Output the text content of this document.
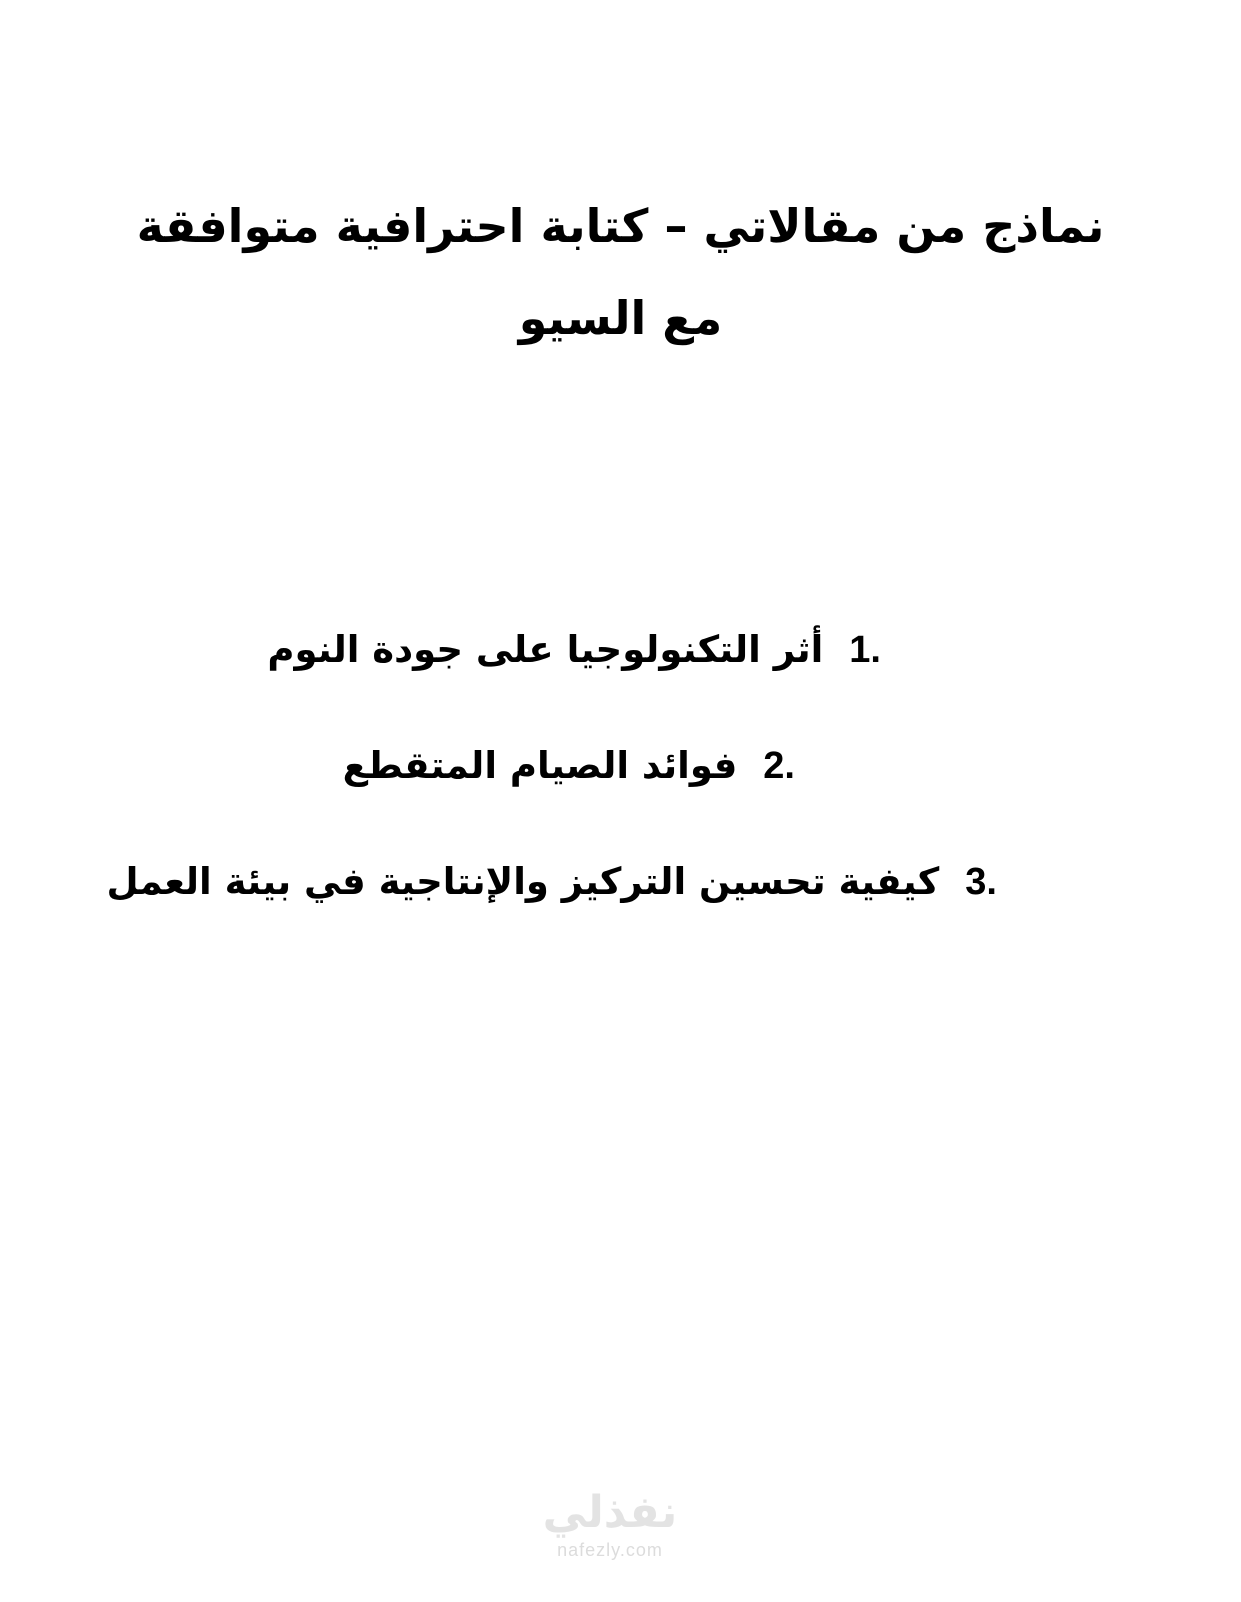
نماذج من مقالاتي – كتابة احترافية متوافقة
مع السيو
1.
أثر التكنولوجيا على جودة النوم
2.
فوائد الصيام المتقطع
3.
كيفية تحسين التركيز والإنتاجية في بيئة العمل
نفذلي
nafezly.com
